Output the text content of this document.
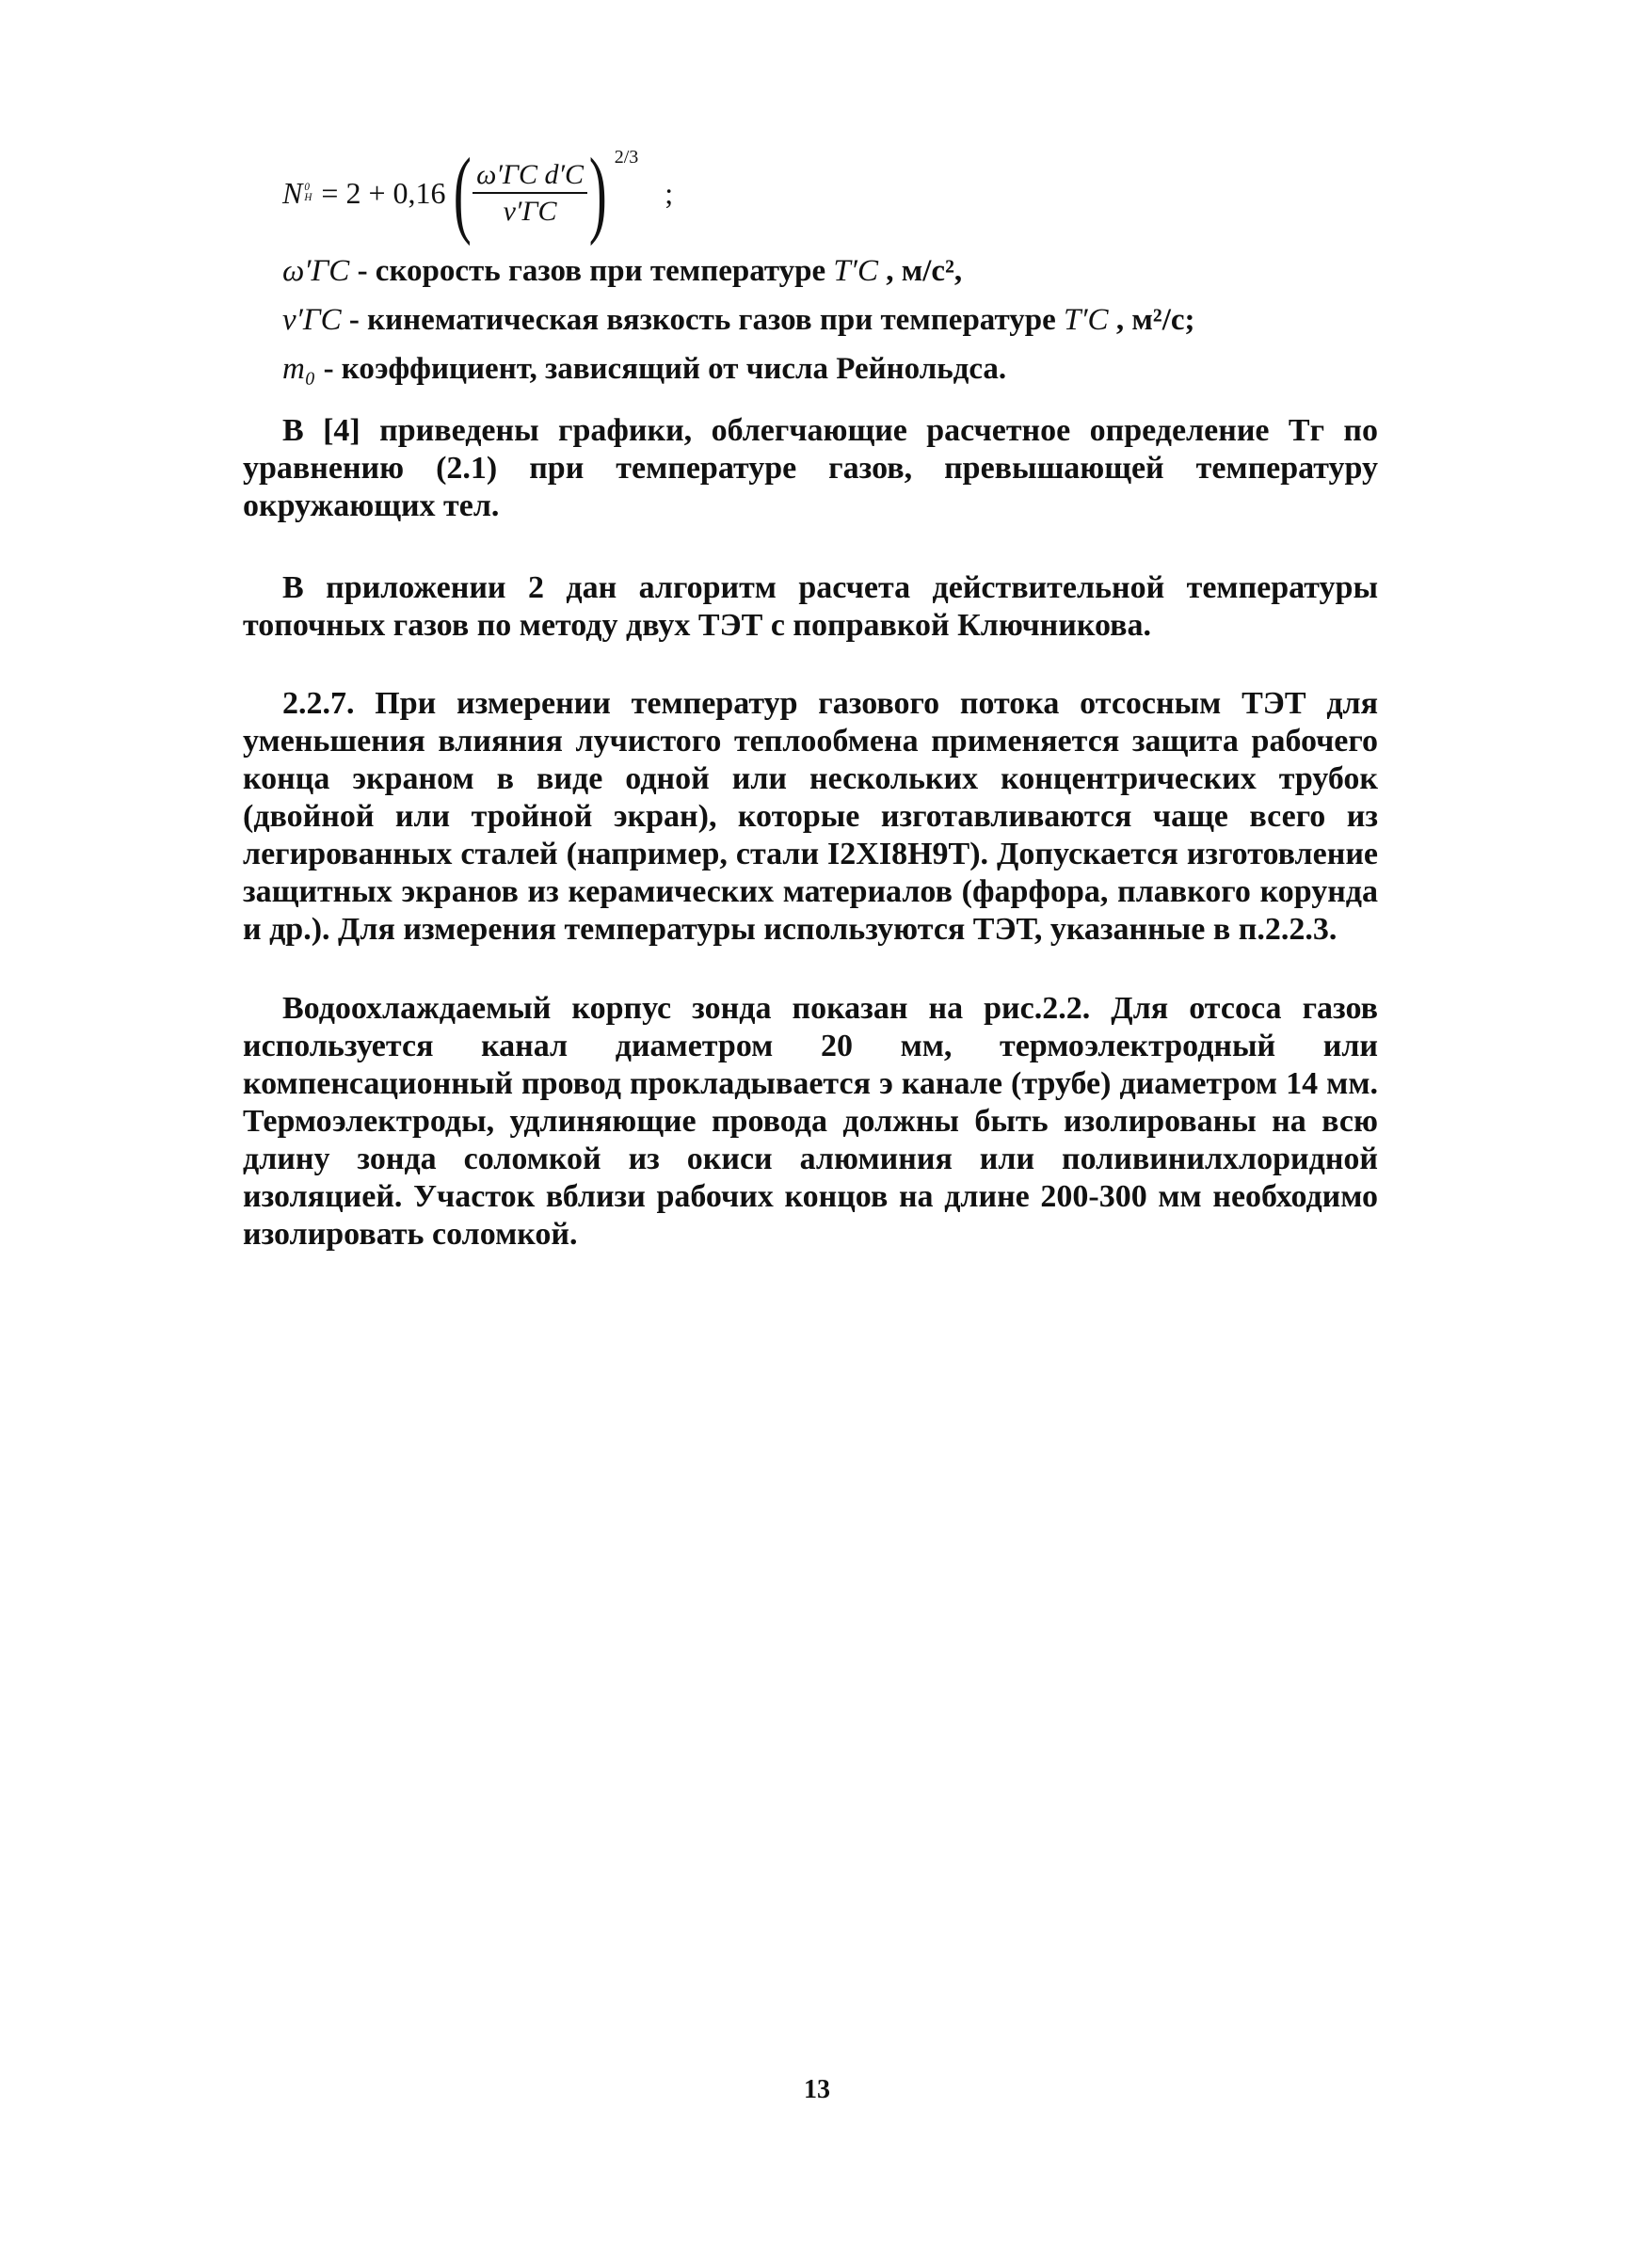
N 0
H = 2 + 0,16 ( $\frac{\text{ω′ГС d′С}}{\nu'ГС}$ ) 2/3
;
ω′ГС - скорость газов при температуре T′С , м/с²,
ν′ГС - кинематическая вязкость газов при температуре T′С , м²/с;
m₀ - коэффициент, зависящий от числа Рейнольдса.
В [4] приведены графики, облегчающие расчетное определение Tг по уравнению (2.1) при температуре газов, превышающей температуру окружающих тел.
В приложении 2 дан алгоритм расчета действительной температуры топочных газов по методу двух ТЭТ с поправкой Ключникова.
2.2.7. При измерении температур газового потока отсосным ТЭТ для уменьшения влияния лучистого теплообмена применяется защита рабочего конца экраном в виде одной или нескольких концентрических трубок (двойной или тройной экран), которые изготавливаются чаще всего из легированных сталей (например, стали I2XI8H9T). Допускается изготовление защитных экранов из керамических материалов (фарфора, плавкого корунда и др.). Для измерения температуры используются ТЭТ, указанные в п.2.2.3.
Водоохлаждаемый корпус зонда показан на рис.2.2. Для отсоса газов используется канал диаметром 20 мм, термоэлектродный или компенсационный провод прокладывается э канале (трубе) диаметром 14 мм. Термоэлектроды, удлиняющие провода должны быть изолированы на всю длину зонда соломкой из окиси алюминия или поливинилхлоридной изоляцией. Участок вблизи рабочих концов на длине 200-300 мм необходимо изолировать соломкой.
13
